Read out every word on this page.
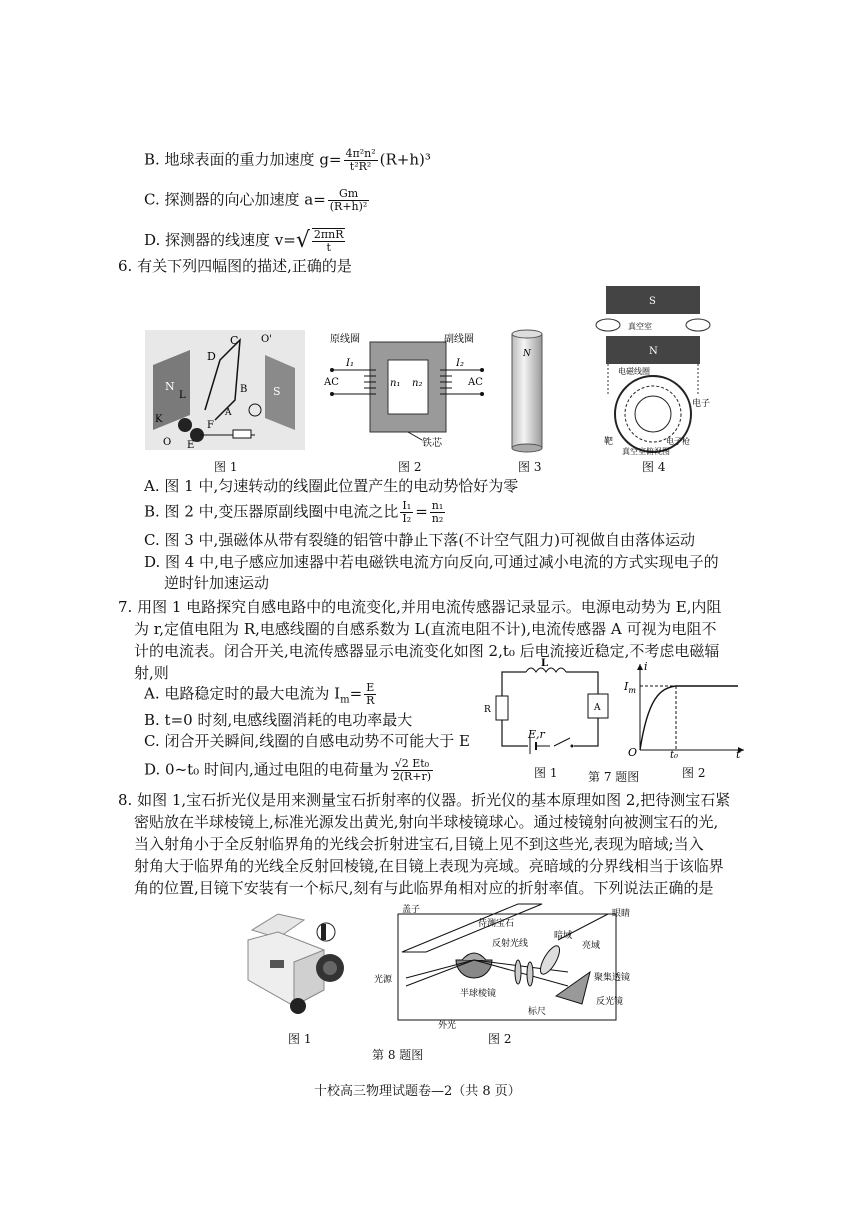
B. 地球表面的重力加速度 $g= \frac{\text{4π²n²}}{\text{t²R²}} (R+h)^3$
C. 探测器的向心加速度 $a= \frac{Gm}{\text{(R+h)²}}$
D. 探测器的线速度 $v=√ \frac{\text{2πnR}}{t}$
6. 有关下列四幅图的描述,正确的是
C
D
O'
N	S
L
B
A
K
F
O E
图 1
原线圈	副线圈
AC	AC
I₁	I₂
n₁ n₂
铁芯
图 2
N
图 3
S
N
真空室
电磁线圈
电子
靶	电子枪
真空室俯视图
图 4
A. 图 1 中,匀速转动的线圈此位置产生的电动势恰好为零
B. 图 2 中,变压器原副线圈中电流之比 $\frac{\text{I₁}}{\text{I₂}} = \frac{\text{n₁}}{\text{n₂}}$
C. 图 3 中,强磁体从带有裂缝的铝管中静止下落(不计空气阻力)可视做自由落体运动
D. 图 4 中,电子感应加速器中若电磁铁电流方向反向,可通过减小电流的方式实现电子的
逆时针加速运动
7. 用图 1 电路探究自感电路中的电流变化,并用电流传感器记录显示。电源电动势为 E,内阻
为 r,定值电阻为 R,电感线圈的自感系数为 L(直流电阻不计),电流传感器 A 可视为电阻不
计的电流表。闭合开关,电流传感器显示电流变化如图 2,t₀ 后电流接近稳定,不考虑电磁辐
射,则
A. 电路稳定时的最大电流为 $I_m= \frac{E}{R}$
B. t=0 时刻,电感线圈消耗的电功率最大
C. 闭合开关瞬间,线圈的自感电动势不可能大于 E
D. 0~t₀ 时间内,通过电阻的电荷量为 $\frac{\text{√2 Et₀}}{2(R+r)}$
L
R	A
E,r
图 1	第 7 题图
i
$I_m$
O	t₀	t
图 2
8. 如图 1,宝石折光仪是用来测量宝石折射率的仪器。折光仪的基本原理如图 2,把待测宝石紧
密贴放在半球棱镜上,标准光源发出黄光,射向半球棱镜球心。通过棱镜射向被测宝石的光,
当入射角小于全反射临界角的光线会折射进宝石,目镜上见不到这些光,表现为暗域;当入
射角大于临界角的光线全反射回棱镜,在目镜上表现为亮域。亮暗域的分界线相当于该临界
角的位置,目镜下安装有一个标尺,刻有与此临界角相对应的折射率值。下列说法正确的是
图 1
盖子
待测宝石
反射光线
暗域
亮域
眼睛
光源
半球棱镜
聚集透镜
反光镜
标尺
外光
图 2
第 8 题图
十校高三物理试题卷—2（共 8 页）
